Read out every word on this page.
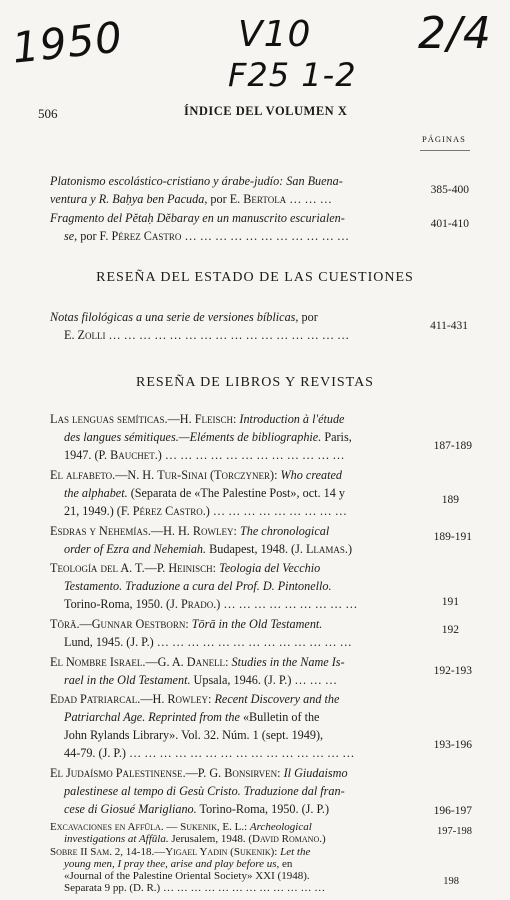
1950	V10
F25 1-2
2/4
506	ÍNDICE DEL VOLUMEN X
PÁGINAS
Platonismo escolástico-cristiano y árabe-judío: San Buena-
ventura y R. Baḥya ben Pacuda, por E. Bertola … … …
385-400
Fragmento del Pĕtaḥ Dĕbaray en un manuscrito escurialen-
se, por F. Pérez Castro … … … … … … … … … … …
401-410
RESEÑA DEL ESTADO DE LAS CUESTIONES
Notas filológicas a una serie de versiones bíblicas, por
E. Zolli … … … … … … … … … … … … … … … …
411-431
RESEÑA DE LIBROS Y REVISTAS
Las lenguas semíticas.—H. Fleisch: Introduction à l'étude
des langues sémitiques.—Eléments de bibliographie. Paris,
1947. (P. Bauchet.) … … … … … … … … … … … …
187-189
El alfabeto.—N. H. Tur-Sinai (Torczyner): Who created
the alphabet. (Separata de «The Palestine Post», oct. 14 y
21, 1949.) (F. Pérez Castro.) … … … … … … … … …
189
Esdras y Nehemías.—H. H. Rowley: The chronological
order of Ezra and Nehemiah. Budapest, 1948. (J. Llamas.)
189-191
Teología del A. T.—P. Heinisch: Teologia del Vecchio
Testamento. Traduzione a cura del Prof. D. Pintonello.
Torino-Roma, 1950. (J. Prado.) … … … … … … … … …	191
Tōrā.—Gunnar Oestborn: Tōrā in the Old Testament.
Lund, 1945. (J. P.) … … … … … … … … … … … … …
192
El Nombre Israel.—G. A. Danell: Studies in the Name Is-
rael in the Old Testament. Upsala, 1946. (J. P.) … … …
192-193
Edad Patriarcal.—H. Rowley: Recent Discovery and the
Patriarchal Age. Reprinted from the «Bulletin of the
John Rylands Library». Vol. 32. Núm. 1 (sept. 1949),
44-79. (J. P.) … … … … … … … … … … … … … … …
193-196
El Judaísmo Palestinense.—P. G. Bonsirven: Il Giudaismo
palestinese al tempo di Gesù Cristo. Traduzione dal fran-
cese di Giosué Marigliano. Torino-Roma, 1950. (J. P.)	196-197
Excavaciones en Affūla. — Sukenik, E. L.: Archeological
investigations at Affūla. Jerusalem, 1948. (David Romano.)
197-198
Sobre II Sam. 2, 14-18.—Yigael Yadin (Sukenik): Let the
young men, I pray thee, arise and play before us, en
«Journal of the Palestine Oriental Society» XXI (1948).
Separata 9 pp. (D. R.) … … … … … … … … … … … …
198
